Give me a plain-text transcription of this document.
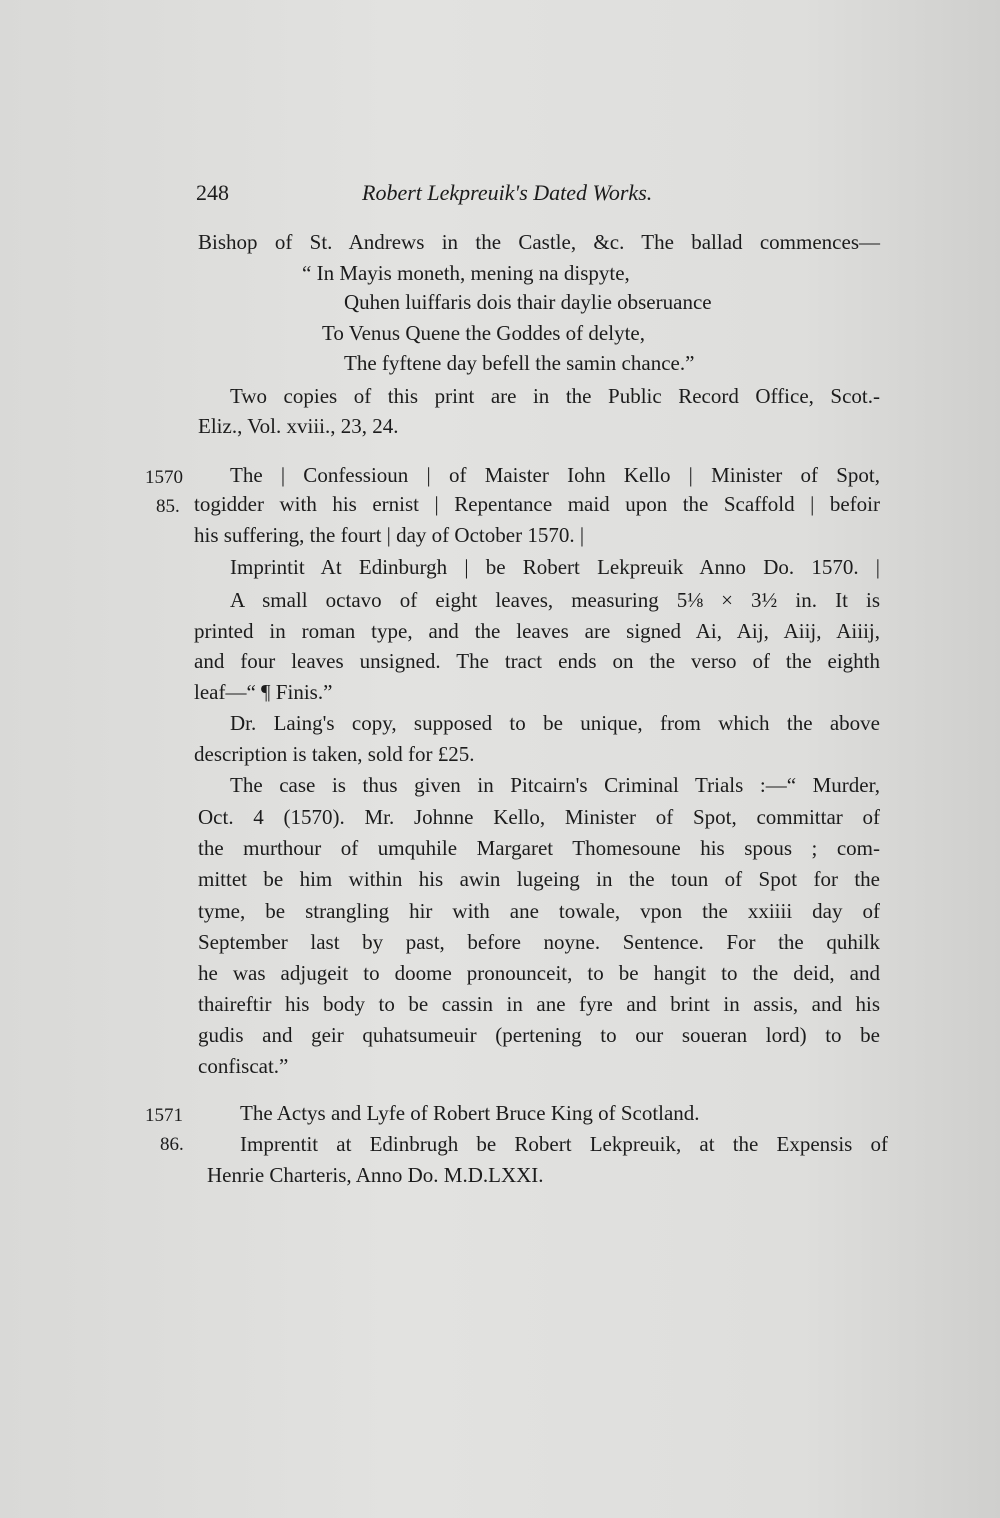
248	Robert Lekpreuik's Dated Works.
Bishop of St. Andrews in the Castle, &c. The ballad commences—
“ In Mayis moneth, mening na dispyte,
Quhen luiffaris dois thair daylie obseruance
To Venus Quene the Goddes of delyte,
The fyftene day befell the samin chance.”
Two copies of this print are in the Public Record Office, Scot.-
Eliz., Vol. xviii., 23, 24.
1570
85.
The | Confessioun | of Maister Iohn Kello | Minister of Spot,
togidder with his ernist | Repentance maid upon the Scaffold | befoir
his suffering, the fourt | day of October 1570. |
Imprintit At Edinburgh | be Robert Lekpreuik Anno Do. 1570. |
A small octavo of eight leaves, measuring 5⅛ × 3½ in. It is
printed in roman type, and the leaves are signed Ai, Aij, Aiij, Aiiij,
and four leaves unsigned. The tract ends on the verso of the eighth
leaf—“ ¶ Finis.”
Dr. Laing's copy, supposed to be unique, from which the above
description is taken, sold for £25.
The case is thus given in Pitcairn's Criminal Trials :—“ Murder,
Oct. 4 (1570). Mr. Johnne Kello, Minister of Spot, committar of
the murthour of umquhile Margaret Thomesoune his spous ; com-
mittet be him within his awin lugeing in the toun of Spot for the
tyme, be strangling hir with ane towale, vpon the xxiiii day of
September last by past, before noyne. Sentence. For the quhilk
he was adjugeit to doome pronounceit, to be hangit to the deid, and
thaireftir his body to be cassin in ane fyre and brint in assis, and his
gudis and geir quhatsumeuir (pertening to our soueran lord) to be
confiscat.”
1571
86.
The Actys and Lyfe of Robert Bruce King of Scotland.
Imprentit at Edinbrugh be Robert Lekpreuik, at the Expensis of
Henrie Charteris, Anno Do. M.D.LXXI.
